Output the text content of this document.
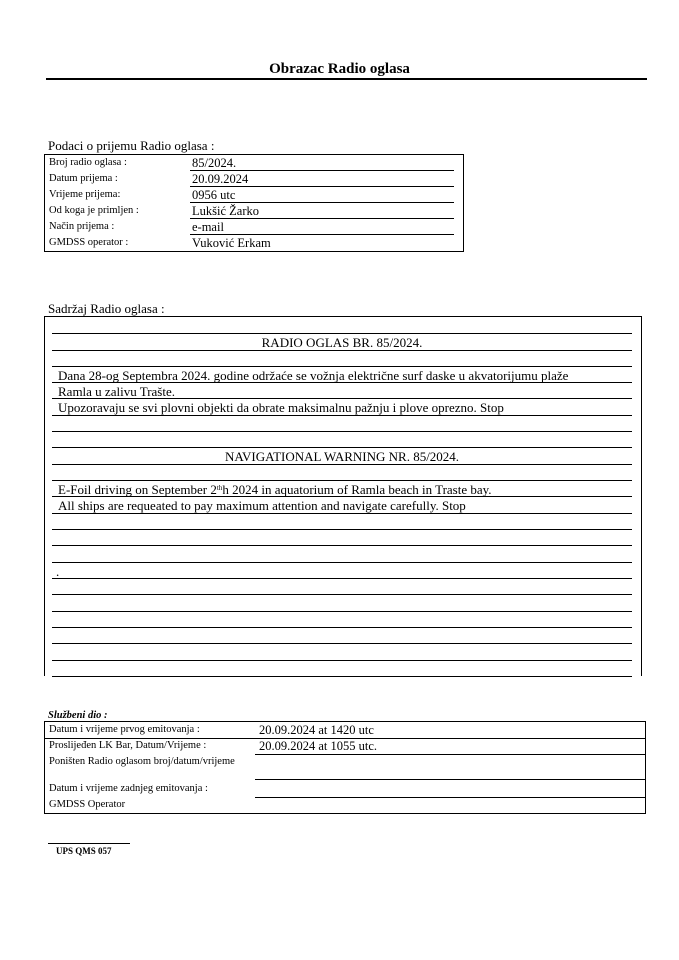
Obrazac Radio oglasa
Podaci o prijemu Radio oglasa :
Broj radio oglasa :	85/2024.
Datum prijema :	20.09.2024
Vrijeme prijema:	0956 utc
Od koga je primljen :	Lukšić Žarko
Način prijema :	e-mail
GMDSS operator :	Vuković Erkam
Sadržaj Radio oglasa :
RADIO OGLAS BR. 85/2024.
Dana 28-og Septembra 2024. godine održaće se vožnja električne surf daske u akvatorijumu plaže
Ramla u zalivu Trašte.
Upozoravaju se svi plovni objekti da obrate maksimalnu pažnju i plove oprezno. Stop
NAVIGATIONAL WARNING NR. 85/2024.
E-Foil driving on September 2thh 2024 in aquatorium of Ramla beach in Traste bay.
All ships are requeated to pay maximum attention and navigate carefully. Stop
.
Službeni dio :
Datum i vrijeme prvog emitovanja :	20.09.2024 at 1420 utc
Proslijeđen LK Bar, Datum/Vrijeme :	20.09.2024 at 1055 utc.
Poništen Radio oglasom broj/datum/vrijeme
Datum i vrijeme zadnjeg emitovanja :
GMDSS Operator
UPS QMS 057
